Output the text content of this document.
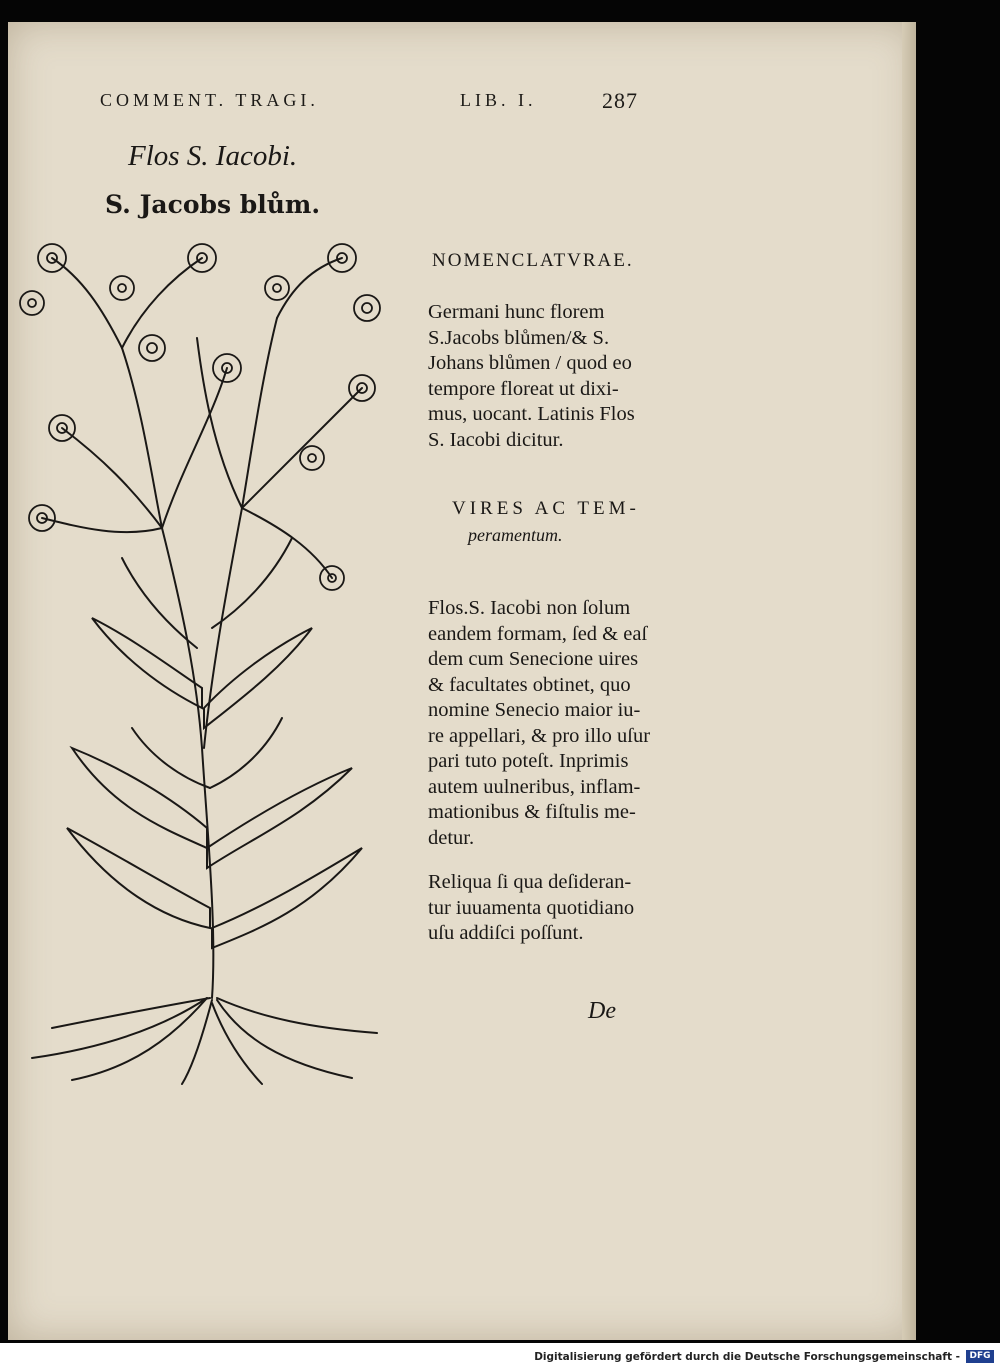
COMMENT. TRAGI.	LIB. I.	287
Flos S. Iacobi.
S. Jacobs blům.
NOMENCLATVRAE.
Germani hunc florem
S.Jacobs blůmen/& S.
Johans blůmen / quod eo
tempore floreat ut dixi-
mus, uocant. Latinis Flos
S. Iacobi dicitur.
VIRES AC TEM-
peramentum.
Flos.S. Iacobi non ſolum
eandem formam, ſed & eaſ
dem cum Senecione uires
& facultates obtinet, quo
nomine Senecio maior iu-
re appellari, & pro illo uſur
pari tuto poteſt. Inprimis
autem uulneribus, inflam-
mationibus & fiſtulis me-
detur.
Reliqua ſi qua deſideran-
tur iuuamenta quotidiano
uſu addiſci poſſunt.
De
Digitalisierung gefördert durch die Deutsche Forschungsgemeinschaft -	DFG
